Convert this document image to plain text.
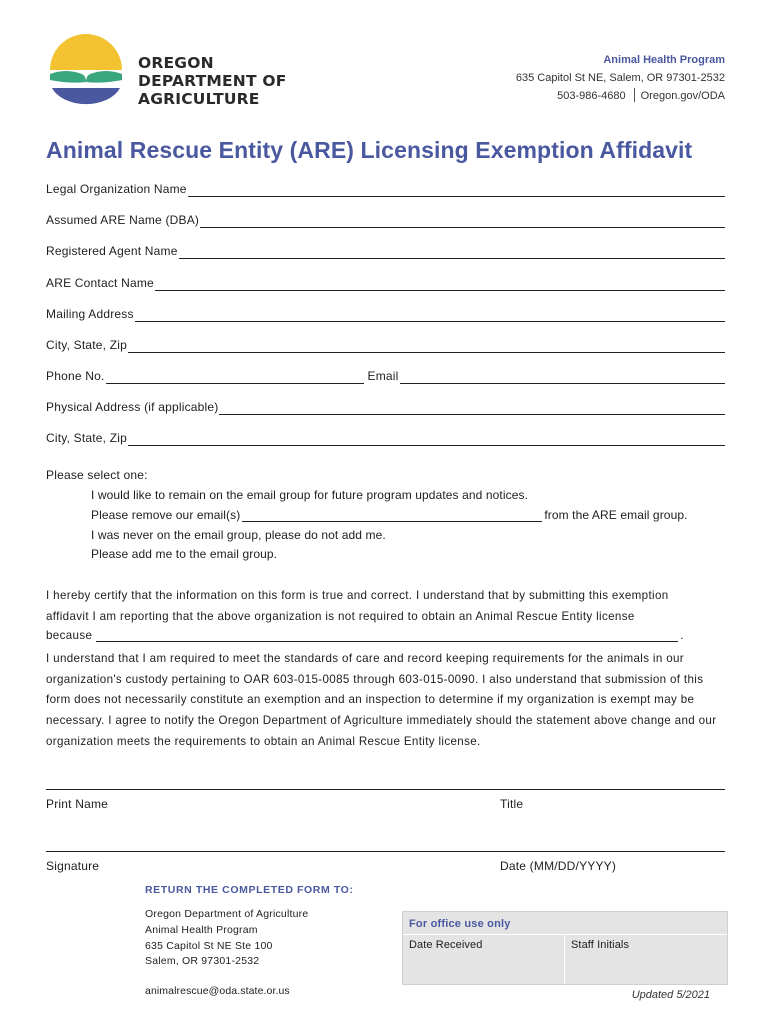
OREGON
DEPARTMENT OF
AGRICULTURE
Animal Health Program
635 Capitol St NE, Salem, OR 97301-2532
503-986-4680 Oregon.gov/ODA
Animal Rescue Entity (ARE) Licensing Exemption Affidavit
Legal Organization Name
Assumed ARE Name (DBA)
Registered Agent Name
ARE Contact Name
Mailing Address
City, State, Zip
Phone No.	Email
Physical Address (if applicable)
City, State, Zip
Please select one:
I would like to remain on the email group for future program updates and notices.
Please remove our email(s)	from the ARE email group.
I was never on the email group, please do not add me.
Please add me to the email group.
I hereby certify that the information on this form is true and correct. I understand that by submitting this exemption
affidavit I am reporting that the above organization is not required to obtain an Animal Rescue Entity license
because	.
I understand that I am required to meet the standards of care and record keeping requirements for the animals in our organization's custody pertaining to OAR 603-015-0085 through 603-015-0090. I also understand that submission of this form does not necessarily constitute an exemption and an inspection to determine if my organization is exempt may be necessary. I agree to notify the Oregon Department of Agriculture immediately should the statement above change and our organization meets the requirements to obtain an Animal Rescue Entity license.
Print Name	Title
Signature	Date (MM/DD/YYYY)
RETURN THE COMPLETED FORM TO:
Oregon Department of Agriculture
Animal Health Program
635 Capitol St NE Ste 100
Salem, OR 97301-2532
animalrescue@oda.state.or.us
For office use only
Date Received	Staff Initials
Updated 5/2021
